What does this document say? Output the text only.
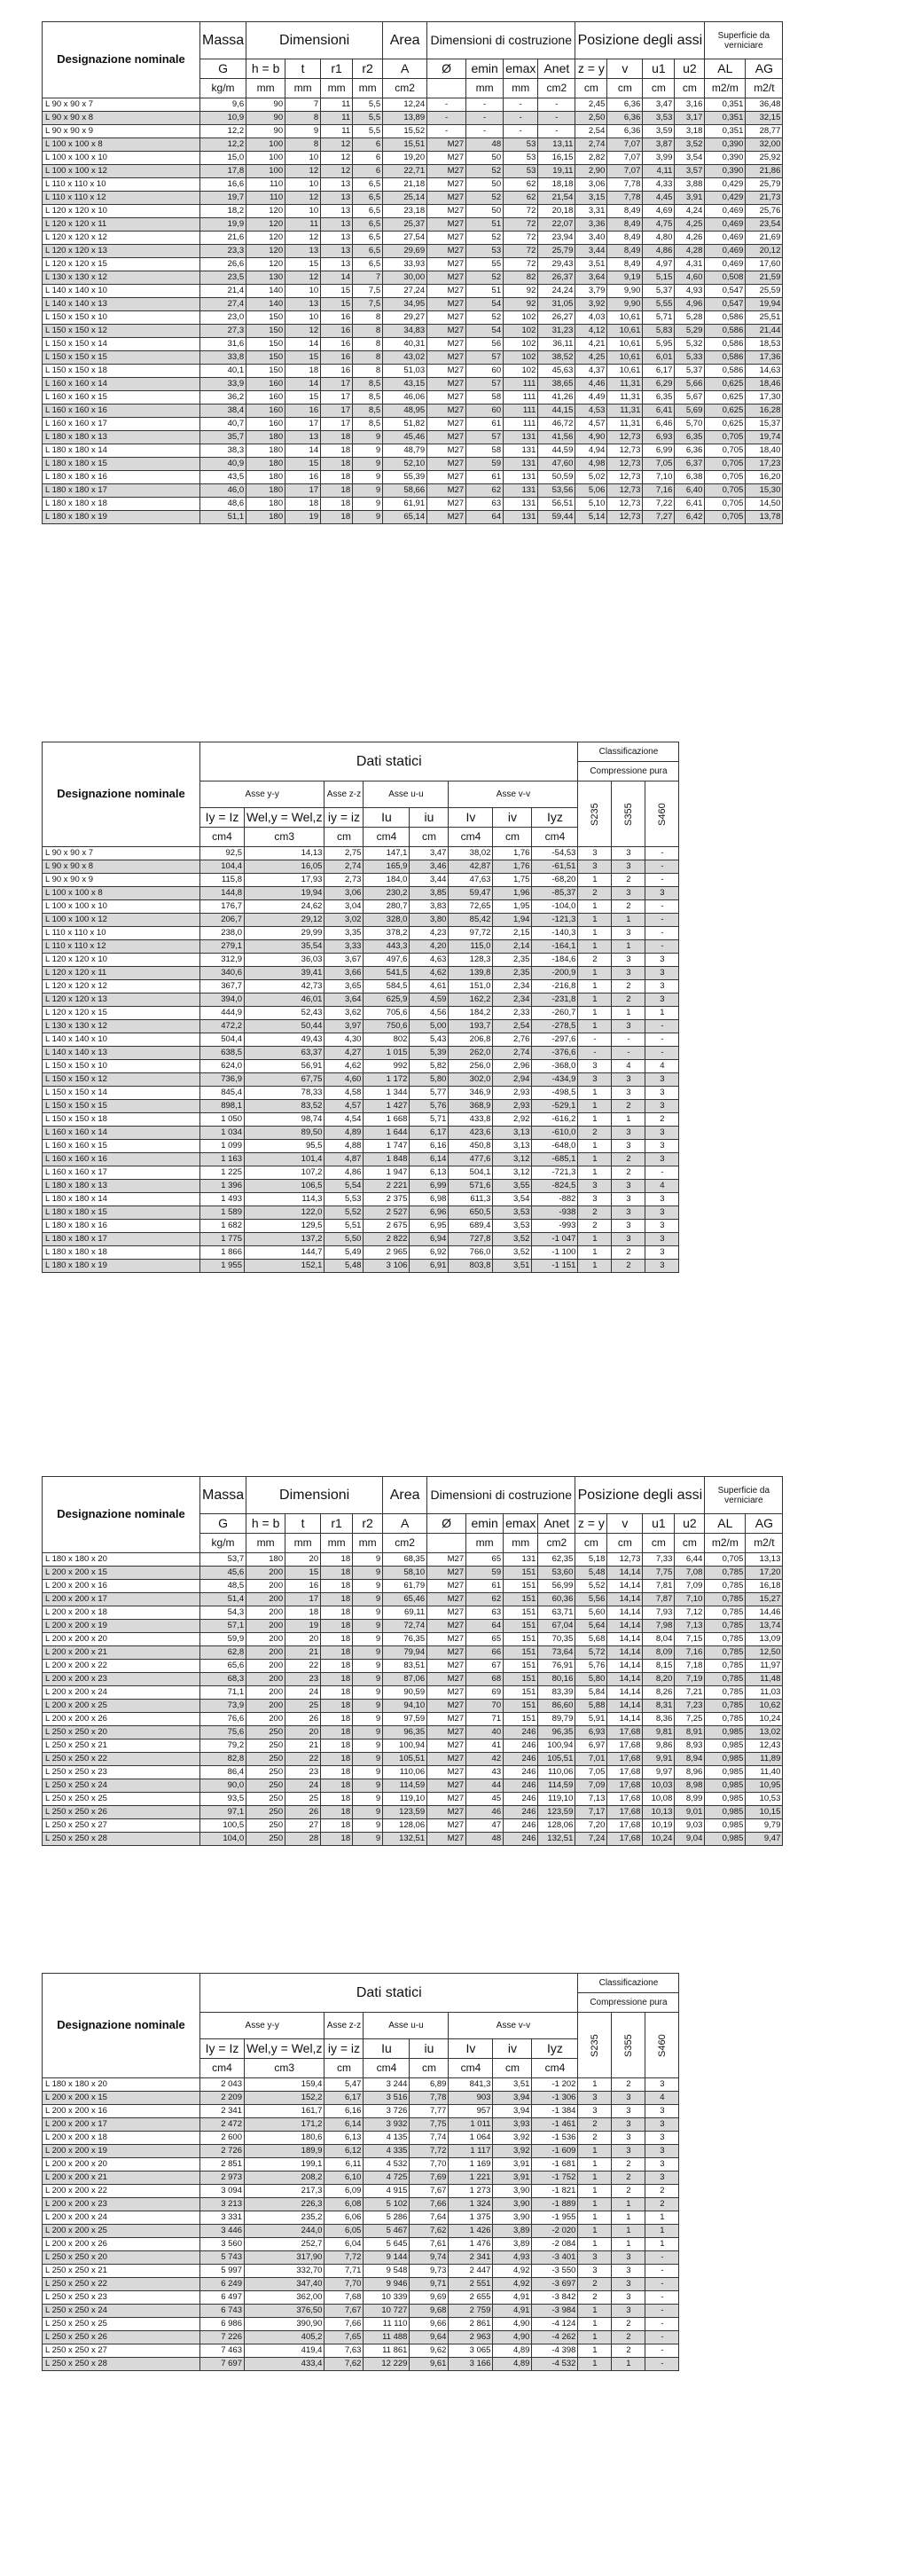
Designazione nominale	Massa	Dimensioni				Area	Dimensioni di costruzione				Posizione degli assi				Superficie da verniciare	
	G	h = b	t	r1	r2	A	Ø	emin	emax	Anet	z = y	v	u1	u2	AL	AG
	kg/m	mm	mm	mm	mm	cm2		mm	mm	cm2	cm	cm	cm	cm	m2/m	m2/t
L 90 x 90 x 7	9,6	90	7	11	5,5	12,24	-	-	-	-	2,45	6,36	3,47	3,16	0,351	36,48
L 90 x 90 x 8	10,9	90	8	11	5,5	13,89	-	-	-	-	2,50	6,36	3,53	3,17	0,351	32,15
L 90 x 90 x 9	12,2	90	9	11	5,5	15,52	-	-	-	-	2,54	6,36	3,59	3,18	0,351	28,77
L 100 x 100 x 8	12,2	100	8	12	6	15,51	M27	48	53	13,11	2,74	7,07	3,87	3,52	0,390	32,00
L 100 x 100 x 10	15,0	100	10	12	6	19,20	M27	50	53	16,15	2,82	7,07	3,99	3,54	0,390	25,92
L 100 x 100 x 12	17,8	100	12	12	6	22,71	M27	52	53	19,11	2,90	7,07	4,11	3,57	0,390	21,86
L 110 x 110 x 10	16,6	110	10	13	6,5	21,18	M27	50	62	18,18	3,06	7,78	4,33	3,88	0,429	25,79
L 110 x 110 x 12	19,7	110	12	13	6,5	25,14	M27	52	62	21,54	3,15	7,78	4,45	3,91	0,429	21,73
L 120 x 120 x 10	18,2	120	10	13	6,5	23,18	M27	50	72	20,18	3,31	8,49	4,69	4,24	0,469	25,76
L 120 x 120 x 11	19,9	120	11	13	6,5	25,37	M27	51	72	22,07	3,36	8,49	4,75	4,25	0,469	23,54
L 120 x 120 x 12	21,6	120	12	13	6,5	27,54	M27	52	72	23,94	3,40	8,49	4,80	4,26	0,469	21,69
L 120 x 120 x 13	23,3	120	13	13	6,5	29,69	M27	53	72	25,79	3,44	8,49	4,86	4,28	0,469	20,12
L 120 x 120 x 15	26,6	120	15	13	6,5	33,93	M27	55	72	29,43	3,51	8,49	4,97	4,31	0,469	17,60
L 130 x 130 x 12	23,5	130	12	14	7	30,00	M27	52	82	26,37	3,64	9,19	5,15	4,60	0,508	21,59
L 140 x 140 x 10	21,4	140	10	15	7,5	27,24	M27	51	92	24,24	3,79	9,90	5,37	4,93	0,547	25,59
L 140 x 140 x 13	27,4	140	13	15	7,5	34,95	M27	54	92	31,05	3,92	9,90	5,55	4,96	0,547	19,94
L 150 x 150 x 10	23,0	150	10	16	8	29,27	M27	52	102	26,27	4,03	10,61	5,71	5,28	0,586	25,51
L 150 x 150 x 12	27,3	150	12	16	8	34,83	M27	54	102	31,23	4,12	10,61	5,83	5,29	0,586	21,44
L 150 x 150 x 14	31,6	150	14	16	8	40,31	M27	56	102	36,11	4,21	10,61	5,95	5,32	0,586	18,53
L 150 x 150 x 15	33,8	150	15	16	8	43,02	M27	57	102	38,52	4,25	10,61	6,01	5,33	0,586	17,36
L 150 x 150 x 18	40,1	150	18	16	8	51,03	M27	60	102	45,63	4,37	10,61	6,17	5,37	0,586	14,63
L 160 x 160 x 14	33,9	160	14	17	8,5	43,15	M27	57	111	38,65	4,46	11,31	6,29	5,66	0,625	18,46
L 160 x 160 x 15	36,2	160	15	17	8,5	46,06	M27	58	111	41,26	4,49	11,31	6,35	5,67	0,625	17,30
L 160 x 160 x 16	38,4	160	16	17	8,5	48,95	M27	60	111	44,15	4,53	11,31	6,41	5,69	0,625	16,28
L 160 x 160 x 17	40,7	160	17	17	8,5	51,82	M27	61	111	46,72	4,57	11,31	6,46	5,70	0,625	15,37
L 180 x 180 x 13	35,7	180	13	18	9	45,46	M27	57	131	41,56	4,90	12,73	6,93	6,35	0,705	19,74
L 180 x 180 x 14	38,3	180	14	18	9	48,79	M27	58	131	44,59	4,94	12,73	6,99	6,36	0,705	18,40
L 180 x 180 x 15	40,9	180	15	18	9	52,10	M27	59	131	47,60	4,98	12,73	7,05	6,37	0,705	17,23
L 180 x 180 x 16	43,5	180	16	18	9	55,39	M27	61	131	50,59	5,02	12,73	7,10	6,38	0,705	16,20
L 180 x 180 x 17	46,0	180	17	18	9	58,66	M27	62	131	53,56	5,06	12,73	7,16	6,40	0,705	15,30
L 180 x 180 x 18	48,6	180	18	18	9	61,91	M27	63	131	56,51	5,10	12,73	7,22	6,41	0,705	14,50
L 180 x 180 x 19	51,1	180	19	18	9	65,14	M27	64	131	59,44	5,14	12,73	7,27	6,42	0,705	13,78
Designazione nominale	Dati statici								Classificazione		
									Compressione pura		
	Asse y-y		Asse z-z	Asse u-u		Asse v-v			S235	S355	S460
	Iy = Iz	Wel,y = Wel,z	iy = iz	Iu	iu	Iv	iv	Iyz			
	cm4	cm3	cm	cm4	cm	cm4	cm	cm4			
L 90 x 90 x 7	92,5	14,13	2,75	147,1	3,47	38,02	1,76	-54,53	3	3	-
L 90 x 90 x 8	104,4	16,05	2,74	165,9	3,46	42,87	1,76	-61,51	3	3	-
L 90 x 90 x 9	115,8	17,93	2,73	184,0	3,44	47,63	1,75	-68,20	1	2	-
L 100 x 100 x 8	144,8	19,94	3,06	230,2	3,85	59,47	1,96	-85,37	2	3	3
L 100 x 100 x 10	176,7	24,62	3,04	280,7	3,83	72,65	1,95	-104,0	1	2	-
L 100 x 100 x 12	206,7	29,12	3,02	328,0	3,80	85,42	1,94	-121,3	1	1	-
L 110 x 110 x 10	238,0	29,99	3,35	378,2	4,23	97,72	2,15	-140,3	1	3	-
L 110 x 110 x 12	279,1	35,54	3,33	443,3	4,20	115,0	2,14	-164,1	1	1	-
L 120 x 120 x 10	312,9	36,03	3,67	497,6	4,63	128,3	2,35	-184,6	2	3	3
L 120 x 120 x 11	340,6	39,41	3,66	541,5	4,62	139,8	2,35	-200,9	1	3	3
L 120 x 120 x 12	367,7	42,73	3,65	584,5	4,61	151,0	2,34	-216,8	1	2	3
L 120 x 120 x 13	394,0	46,01	3,64	625,9	4,59	162,2	2,34	-231,8	1	2	3
L 120 x 120 x 15	444,9	52,43	3,62	705,6	4,56	184,2	2,33	-260,7	1	1	1
L 130 x 130 x 12	472,2	50,44	3,97	750,6	5,00	193,7	2,54	-278,5	1	3	-
L 140 x 140 x 10	504,4	49,43	4,30	802	5,43	206,8	2,76	-297,6	-	-	-
L 140 x 140 x 13	638,5	63,37	4,27	1 015	5,39	262,0	2,74	-376,6	-	-	-
L 150 x 150 x 10	624,0	56,91	4,62	992	5,82	256,0	2,96	-368,0	3	4	4
L 150 x 150 x 12	736,9	67,75	4,60	1 172	5,80	302,0	2,94	-434,9	3	3	3
L 150 x 150 x 14	845,4	78,33	4,58	1 344	5,77	346,9	2,93	-498,5	1	3	3
L 150 x 150 x 15	898,1	83,52	4,57	1 427	5,76	368,9	2,93	-529,1	1	2	3
L 150 x 150 x 18	1 050	98,74	4,54	1 668	5,71	433,8	2,92	-616,2	1	1	2
L 160 x 160 x 14	1 034	89,50	4,89	1 644	6,17	423,6	3,13	-610,0	2	3	3
L 160 x 160 x 15	1 099	95,5	4,88	1 747	6,16	450,8	3,13	-648,0	1	3	3
L 160 x 160 x 16	1 163	101,4	4,87	1 848	6,14	477,6	3,12	-685,1	1	2	3
L 160 x 160 x 17	1 225	107,2	4,86	1 947	6,13	504,1	3,12	-721,3	1	2	-
L 180 x 180 x 13	1 396	106,5	5,54	2 221	6,99	571,6	3,55	-824,5	3	3	4
L 180 x 180 x 14	1 493	114,3	5,53	2 375	6,98	611,3	3,54	-882	3	3	3
L 180 x 180 x 15	1 589	122,0	5,52	2 527	6,96	650,5	3,53	-938	2	3	3
L 180 x 180 x 16	1 682	129,5	5,51	2 675	6,95	689,4	3,53	-993	2	3	3
L 180 x 180 x 17	1 775	137,2	5,50	2 822	6,94	727,8	3,52	-1 047	1	3	3
L 180 x 180 x 18	1 866	144,7	5,49	2 965	6,92	766,0	3,52	-1 100	1	2	3
L 180 x 180 x 19	1 955	152,1	5,48	3 106	6,91	803,8	3,51	-1 151	1	2	3
Designazione nominale	Massa	Dimensioni				Area	Dimensioni di costruzione				Posizione degli assi				Superficie da verniciare	
	G	h = b	t	r1	r2	A	Ø	emin	emax	Anet	z = y	v	u1	u2	AL	AG
	kg/m	mm	mm	mm	mm	cm2		mm	mm	cm2	cm	cm	cm	cm	m2/m	m2/t
L 180 x 180 x 20	53,7	180	20	18	9	68,35	M27	65	131	62,35	5,18	12,73	7,33	6,44	0,705	13,13
L 200 x 200 x 15	45,6	200	15	18	9	58,10	M27	59	151	53,60	5,48	14,14	7,75	7,08	0,785	17,20
L 200 x 200 x 16	48,5	200	16	18	9	61,79	M27	61	151	56,99	5,52	14,14	7,81	7,09	0,785	16,18
L 200 x 200 x 17	51,4	200	17	18	9	65,46	M27	62	151	60,36	5,56	14,14	7,87	7,10	0,785	15,27
L 200 x 200 x 18	54,3	200	18	18	9	69,11	M27	63	151	63,71	5,60	14,14	7,93	7,12	0,785	14,46
L 200 x 200 x 19	57,1	200	19	18	9	72,74	M27	64	151	67,04	5,64	14,14	7,98	7,13	0,785	13,74
L 200 x 200 x 20	59,9	200	20	18	9	76,35	M27	65	151	70,35	5,68	14,14	8,04	7,15	0,785	13,09
L 200 x 200 x 21	62,8	200	21	18	9	79,94	M27	66	151	73,64	5,72	14,14	8,09	7,16	0,785	12,50
L 200 x 200 x 22	65,6	200	22	18	9	83,51	M27	67	151	76,91	5,76	14,14	8,15	7,18	0,785	11,97
L 200 x 200 x 23	68,3	200	23	18	9	87,06	M27	68	151	80,16	5,80	14,14	8,20	7,19	0,785	11,48
L 200 x 200 x 24	71,1	200	24	18	9	90,59	M27	69	151	83,39	5,84	14,14	8,26	7,21	0,785	11,03
L 200 x 200 x 25	73,9	200	25	18	9	94,10	M27	70	151	86,60	5,88	14,14	8,31	7,23	0,785	10,62
L 200 x 200 x 26	76,6	200	26	18	9	97,59	M27	71	151	89,79	5,91	14,14	8,36	7,25	0,785	10,24
L 250 x 250 x 20	75,6	250	20	18	9	96,35	M27	40	246	96,35	6,93	17,68	9,81	8,91	0,985	13,02
L 250 x 250 x 21	79,2	250	21	18	9	100,94	M27	41	246	100,94	6,97	17,68	9,86	8,93	0,985	12,43
L 250 x 250 x 22	82,8	250	22	18	9	105,51	M27	42	246	105,51	7,01	17,68	9,91	8,94	0,985	11,89
L 250 x 250 x 23	86,4	250	23	18	9	110,06	M27	43	246	110,06	7,05	17,68	9,97	8,96	0,985	11,40
L 250 x 250 x 24	90,0	250	24	18	9	114,59	M27	44	246	114,59	7,09	17,68	10,03	8,98	0,985	10,95
L 250 x 250 x 25	93,5	250	25	18	9	119,10	M27	45	246	119,10	7,13	17,68	10,08	8,99	0,985	10,53
L 250 x 250 x 26	97,1	250	26	18	9	123,59	M27	46	246	123,59	7,17	17,68	10,13	9,01	0,985	10,15
L 250 x 250 x 27	100,5	250	27	18	9	128,06	M27	47	246	128,06	7,20	17,68	10,19	9,03	0,985	9,79
L 250 x 250 x 28	104,0	250	28	18	9	132,51	M27	48	246	132,51	7,24	17,68	10,24	9,04	0,985	9,47
Designazione nominale	Dati statici								Classificazione		
									Compressione pura		
	Asse y-y		Asse z-z	Asse u-u		Asse v-v			S235	S355	S460
	Iy = Iz	Wel,y = Wel,z	iy = iz	Iu	iu	Iv	iv	Iyz			
	cm4	cm3	cm	cm4	cm	cm4	cm	cm4			
L 180 x 180 x 20	2 043	159,4	5,47	3 244	6,89	841,3	3,51	-1 202	1	2	3
L 200 x 200 x 15	2 209	152,2	6,17	3 516	7,78	903	3,94	-1 306	3	3	4
L 200 x 200 x 16	2 341	161,7	6,16	3 726	7,77	957	3,94	-1 384	3	3	3
L 200 x 200 x 17	2 472	171,2	6,14	3 932	7,75	1 011	3,93	-1 461	2	3	3
L 200 x 200 x 18	2 600	180,6	6,13	4 135	7,74	1 064	3,92	-1 536	2	3	3
L 200 x 200 x 19	2 726	189,9	6,12	4 335	7,72	1 117	3,92	-1 609	1	3	3
L 200 x 200 x 20	2 851	199,1	6,11	4 532	7,70	1 169	3,91	-1 681	1	2	3
L 200 x 200 x 21	2 973	208,2	6,10	4 725	7,69	1 221	3,91	-1 752	1	2	3
L 200 x 200 x 22	3 094	217,3	6,09	4 915	7,67	1 273	3,90	-1 821	1	2	2
L 200 x 200 x 23	3 213	226,3	6,08	5 102	7,66	1 324	3,90	-1 889	1	1	2
L 200 x 200 x 24	3 331	235,2	6,06	5 286	7,64	1 375	3,90	-1 955	1	1	1
L 200 x 200 x 25	3 446	244,0	6,05	5 467	7,62	1 426	3,89	-2 020	1	1	1
L 200 x 200 x 26	3 560	252,7	6,04	5 645	7,61	1 476	3,89	-2 084	1	1	1
L 250 x 250 x 20	5 743	317,90	7,72	9 144	9,74	2 341	4,93	-3 401	3	3	-
L 250 x 250 x 21	5 997	332,70	7,71	9 548	9,73	2 447	4,92	-3 550	3	3	-
L 250 x 250 x 22	6 249	347,40	7,70	9 946	9,71	2 551	4,92	-3 697	2	3	-
L 250 x 250 x 23	6 497	362,00	7,68	10 339	9,69	2 655	4,91	-3 842	2	3	-
L 250 x 250 x 24	6 743	376,50	7,67	10 727	9,68	2 759	4,91	-3 984	1	3	-
L 250 x 250 x 25	6 986	390,90	7,66	11 110	9,66	2 861	4,90	-4 124	1	2	-
L 250 x 250 x 26	7 226	405,2	7,65	11 488	9,64	2 963	4,90	-4 262	1	2	-
L 250 x 250 x 27	7 463	419,4	7,63	11 861	9,62	3 065	4,89	-4 398	1	2	-
L 250 x 250 x 28	7 697	433,4	7,62	12 229	9,61	3 166	4,89	-4 532	1	1	-
